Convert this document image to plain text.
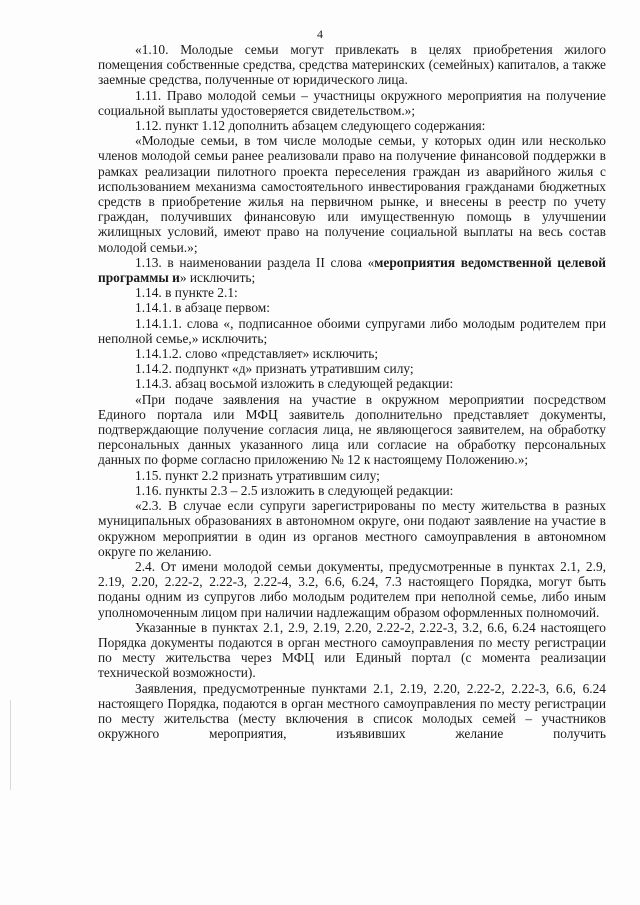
4

«1.10. Молодые семьи могут привлекать в целях приобретения жилого помещения собственные средства, средства материнских (семейных) капиталов, а также заемные средства, полученные от юридического лица.

1.11. Право молодой семьи – участницы окружного мероприятия на получение социальной выплаты удостоверяется свидетельством.»;

1.12. пункт 1.12 дополнить абзацем следующего содержания:

«Молодые семьи, в том числе молодые семьи, у которых один или несколько членов молодой семьи ранее реализовали право на получение финансовой поддержки в рамках реализации пилотного проекта переселения граждан из аварийного жилья с использованием механизма самостоятельного инвестирования гражданами бюджетных средств в приобретение жилья на первичном рынке, и внесены в реестр по учету граждан, получивших финансовую или имущественную помощь в улучшении жилищных условий, имеют право на получение социальной выплаты на весь состав молодой семьи.»;

1.13. в наименовании раздела II слова «мероприятия ведомственной целевой программы и» исключить;

1.14. в пункте 2.1:

1.14.1. в абзаце первом:

1.14.1.1. слова «, подписанное обоими супругами либо молодым родителем при неполной семье,» исключить;

1.14.1.2. слово «представляет» исключить;

1.14.2. подпункт «д» признать утратившим силу;

1.14.3. абзац восьмой изложить в следующей редакции:

«При подаче заявления на участие в окружном мероприятии посредством Единого портала или МФЦ заявитель дополнительно представляет документы, подтверждающие получение согласия лица, не являющегося заявителем, на обработку персональных данных указанного лица или согласие на обработку персональных данных по форме согласно приложению № 12 к настоящему Положению.»;

1.15. пункт 2.2 признать утратившим силу;

1.16. пункты 2.3 – 2.5 изложить в следующей редакции:

«2.3. В случае если супруги зарегистрированы по месту жительства в разных муниципальных образованиях в автономном округе, они подают заявление на участие в окружном мероприятии в один из органов местного самоуправления в автономном округе по желанию.

2.4. От имени молодой семьи документы, предусмотренные в пунктах 2.1, 2.9, 2.19, 2.20, 2.22-2, 2.22-3, 2.22-4, 3.2, 6.6, 6.24, 7.3 настоящего Порядка, могут быть поданы одним из супругов либо молодым родителем при неполной семье, либо иным уполномоченным лицом при наличии надлежащим образом оформленных полномочий.

Указанные в пунктах 2.1, 2.9, 2.19, 2.20, 2.22-2, 2.22-3, 3.2, 6.6, 6.24 настоящего Порядка документы подаются в орган местного самоуправления по месту регистрации по месту жительства через МФЦ или Единый портал (с момента реализации технической возможности).

Заявления, предусмотренные пунктами 2.1, 2.19, 2.20, 2.22-2, 2.22-3, 6.6, 6.24 настоящего Порядка, подаются в орган местного самоуправления по месту регистрации по месту жительства (месту включения в список молодых семей – участников окружного мероприятия, изъявивших желание получить
